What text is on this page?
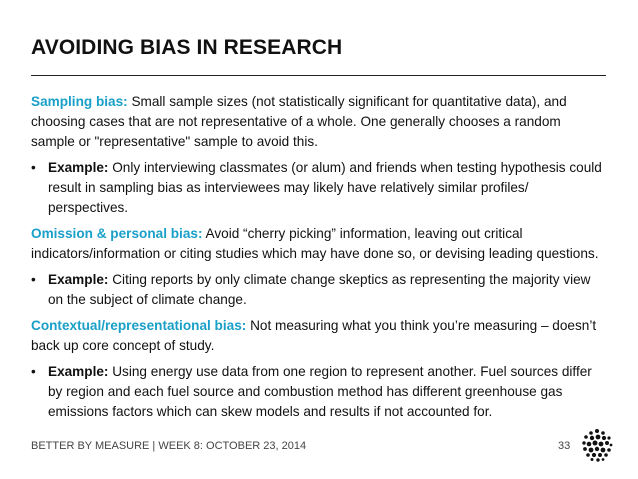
AVOIDING BIAS IN RESEARCH

Sampling bias: Small sample sizes (not statistically significant for quantitative data), and choosing cases that are not representative of a whole. One generally chooses a random sample or "representative" sample to avoid this.

• Example: Only interviewing classmates (or alum) and friends when testing hypothesis could result in sampling bias as interviewees may likely have relatively similar profiles/ perspectives.

Omission & personal bias: Avoid “cherry picking” information, leaving out critical indicators/information or citing studies which may have done so, or devising leading questions.

• Example: Citing reports by only climate change skeptics as representing the majority view on the subject of climate change.

Contextual/representational bias: Not measuring what you think you’re measuring – doesn’t back up core concept of study.

• Example: Using energy use data from one region to represent another. Fuel sources differ by region and each fuel source and combustion method has different greenhouse gas emissions factors which can skew models and results if not accounted for.
BETTER BY MEASURE | WEEK 8: OCTOBER 23, 2014	33
